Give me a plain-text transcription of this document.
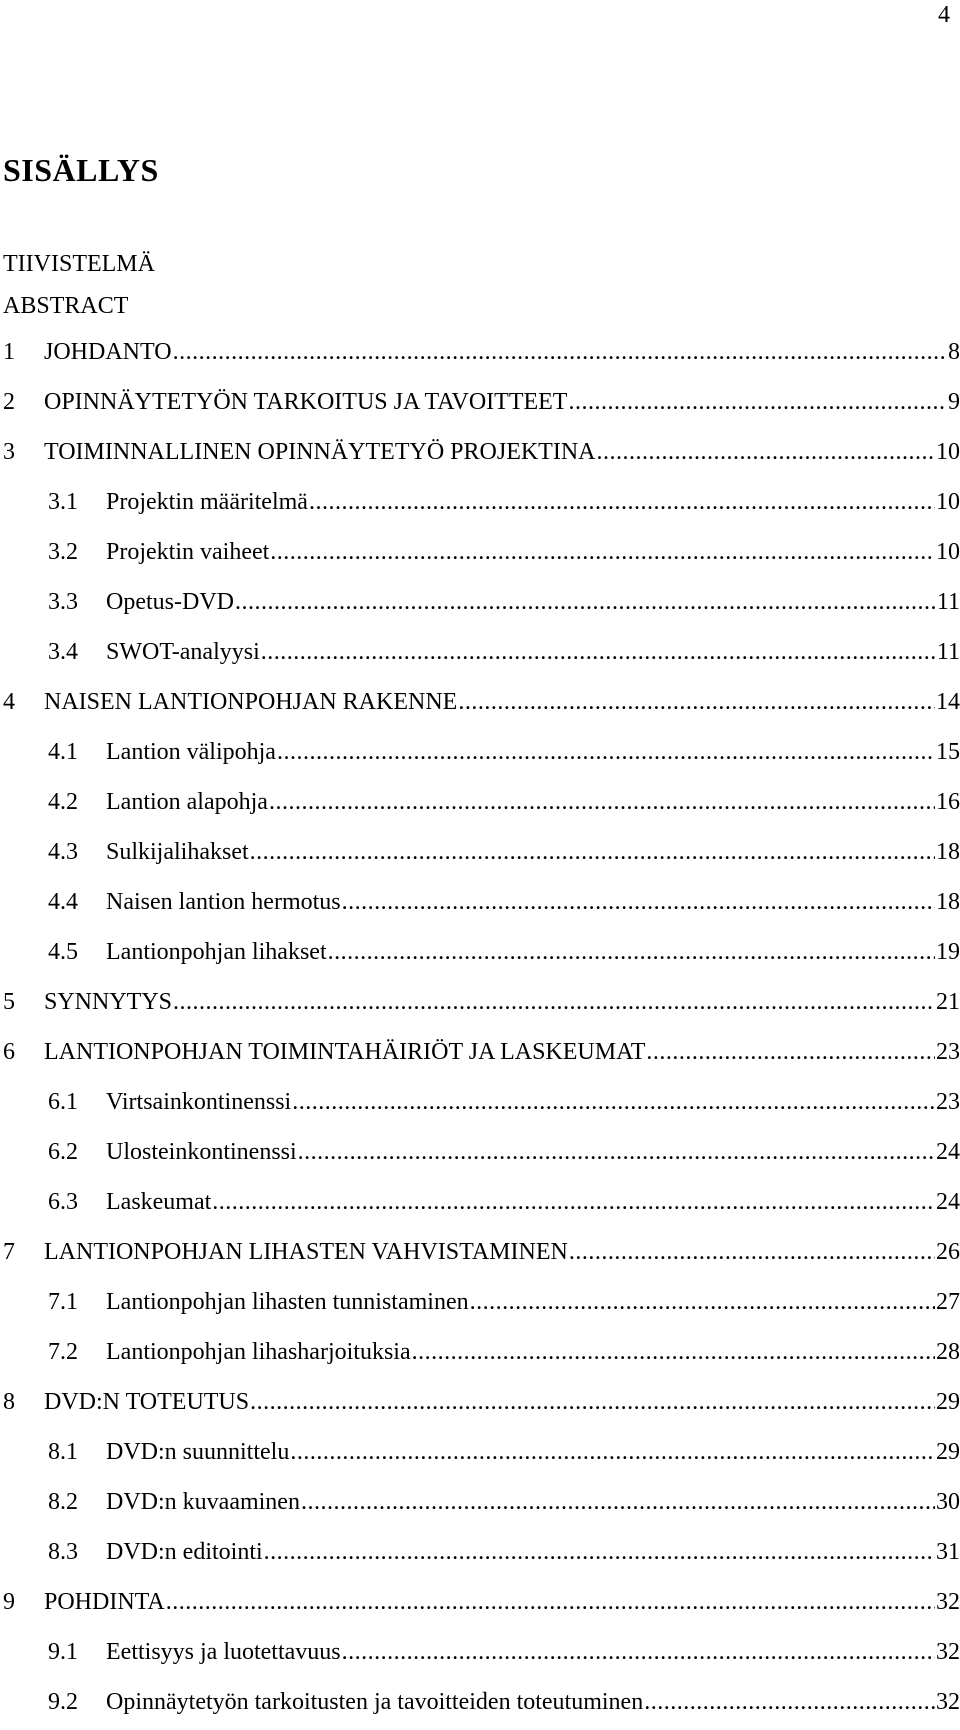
4
SISÄLLYS
TIIVISTELMÄ
ABSTRACT
1 JOHDANTO .....	8
2 OPINNÄYTETYÖN TARKOITUS JA TAVOITTEET .....	9
3 TOIMINNALLINEN OPINNÄYTETYÖ PROJEKTINA .....	10
3.1 Projektin määritelmä .....	10
3.2 Projektin vaiheet .....	10
3.3 Opetus-DVD .....	11
3.4 SWOT-analyysi .....	11
4 NAISEN LANTIONPOHJAN RAKENNE .....	14
4.1 Lantion välipohja .....	15
4.2 Lantion alapohja .....	16
4.3 Sulkijalihakset .....	18
4.4 Naisen lantion hermotus .....	18
4.5 Lantionpohjan lihakset .....	19
5 SYNNYTYS .....	21
6 LANTIONPOHJAN TOIMINTAHÄIRIÖT JA LASKEUMAT .....	23
6.1 Virtsainkontinenssi .....	23
6.2 Ulosteinkontinenssi .....	24
6.3 Laskeumat .....	24
7 LANTIONPOHJAN LIHASTEN VAHVISTAMINEN .....	26
7.1 Lantionpohjan lihasten tunnistaminen .....	27
7.2 Lantionpohjan lihasharjoituksia .....	28
8 DVD:N TOTEUTUS .....	29
8.1 DVD:n suunnittelu .....	29
8.2 DVD:n kuvaaminen .....	30
8.3 DVD:n editointi .....	31
9 POHDINTA .....	32
9.1 Eettisyys ja luotettavuus .....	32
9.2 Opinnäytetyön tarkoitusten ja tavoitteiden toteutuminen .....	32
